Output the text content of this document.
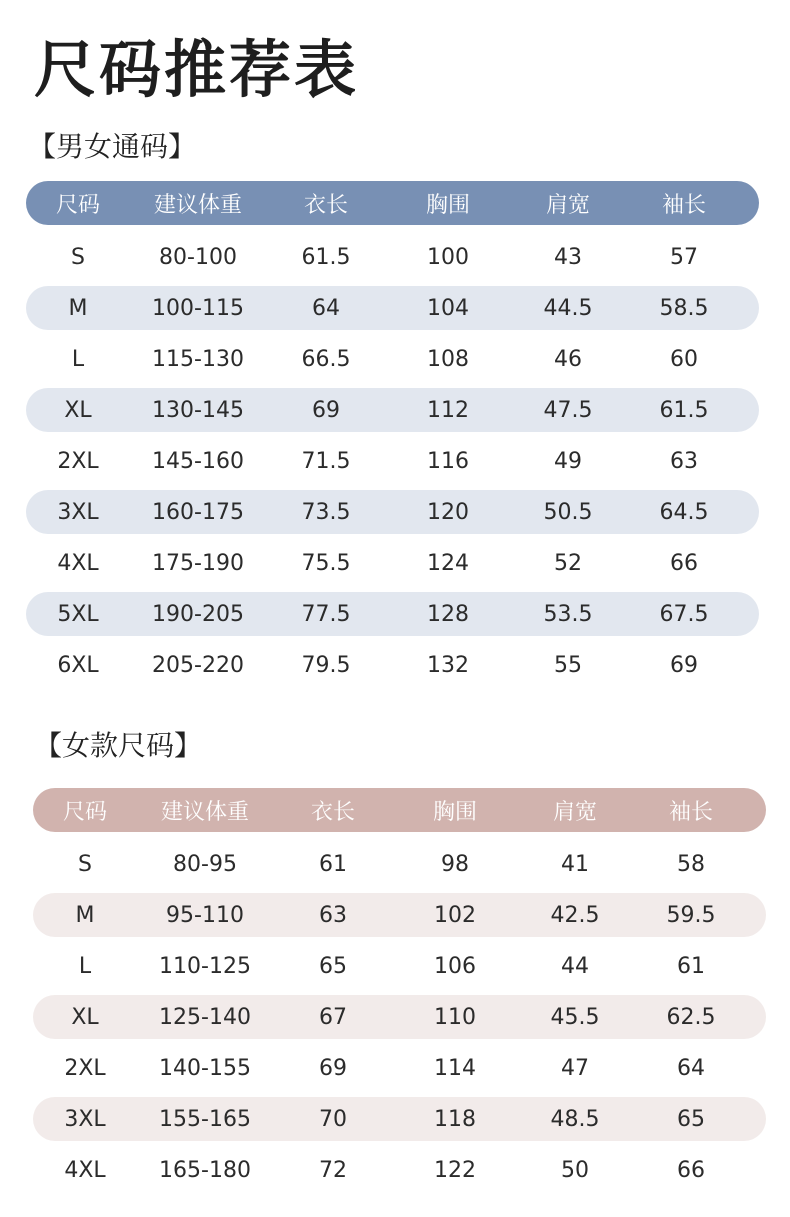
尺码推荐表
【男女通码】
尺码	建议体重	衣长	胸围	肩宽	袖长
S	80-100	61.5	100	43	57
M	100-115	64	104	44.5	58.5
L	115-130	66.5	108	46	60
XL	130-145	69	112	47.5	61.5
2XL	145-160	71.5	116	49	63
3XL	160-175	73.5	120	50.5	64.5
4XL	175-190	75.5	124	52	66
5XL	190-205	77.5	128	53.5	67.5
6XL	205-220	79.5	132	55	69
【女款尺码】
尺码	建议体重	衣长	胸围	肩宽	袖长
S	80-95	61	98	41	58
M	95-110	63	102	42.5	59.5
L	110-125	65	106	44	61
XL	125-140	67	110	45.5	62.5
2XL	140-155	69	114	47	64
3XL	155-165	70	118	48.5	65
4XL	165-180	72	122	50	66
